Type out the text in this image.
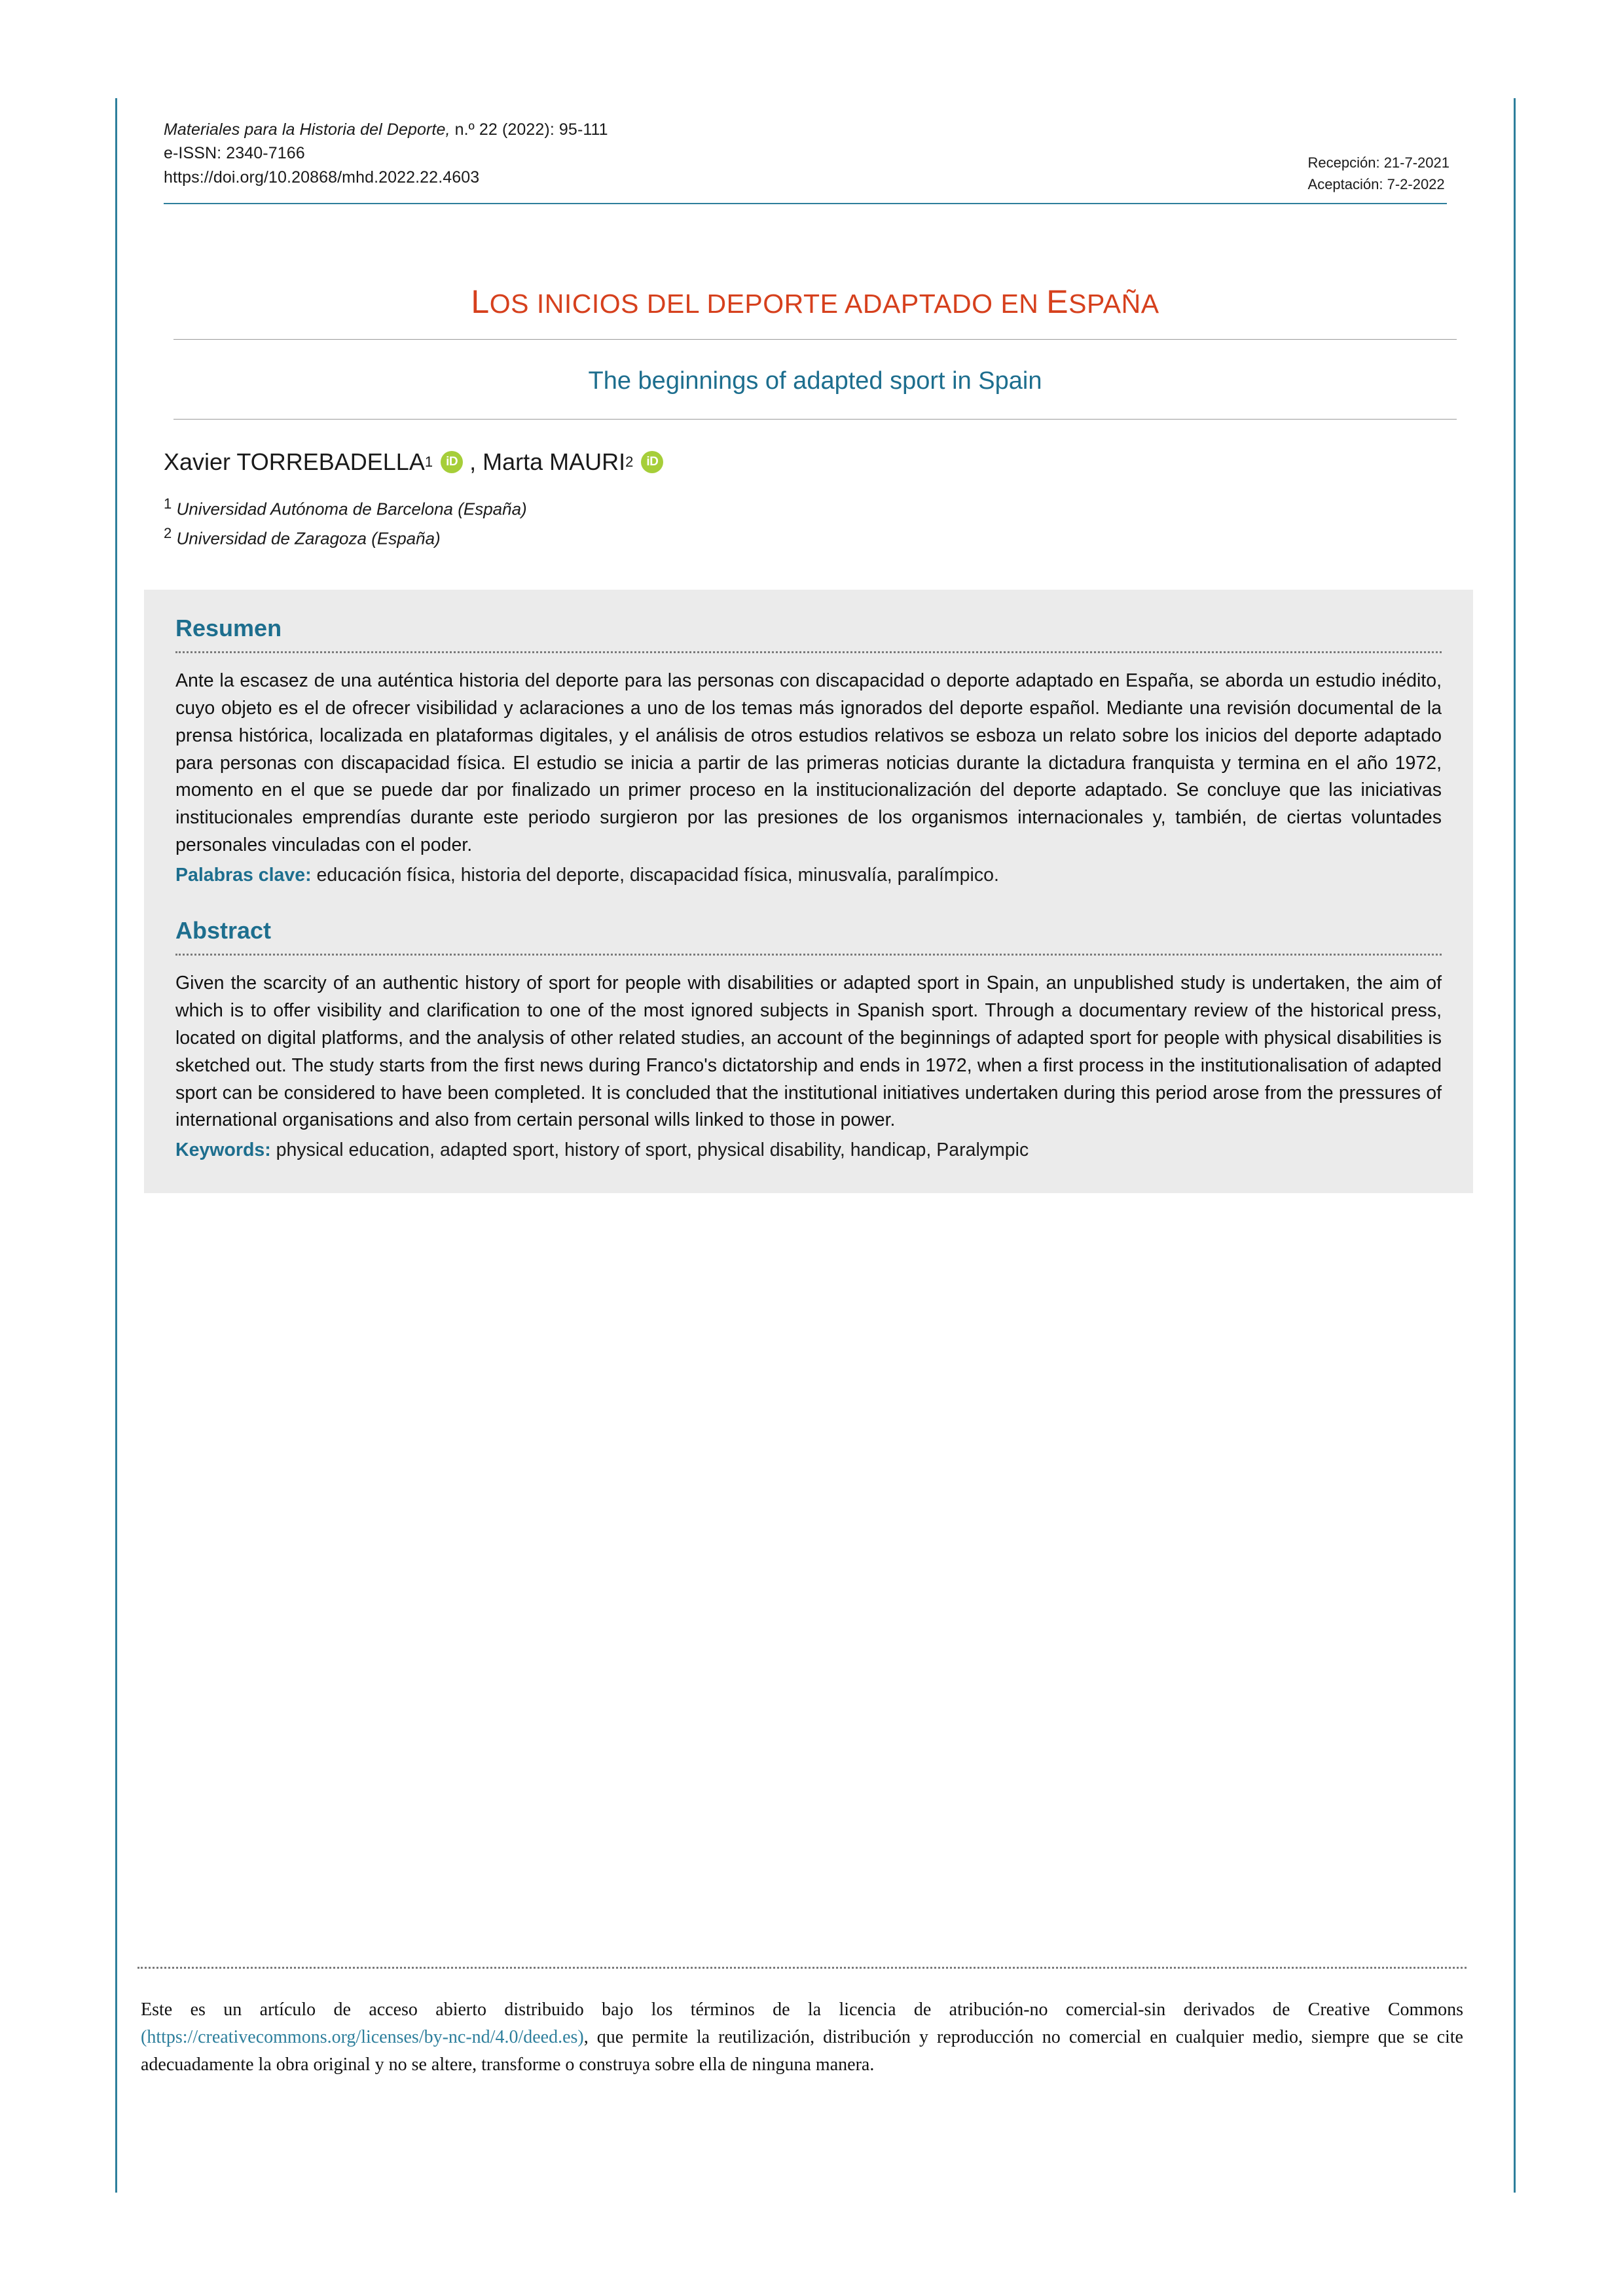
Materiales para la Historia del Deporte, n.º 22 (2022): 95-111
e-ISSN: 2340-7166
https://doi.org/10.20868/mhd.2022.22.4603
Recepción: 21-7-2021
Aceptación: 7-2-2022
LOS INICIOS DEL DEPORTE ADAPTADO EN ESPAÑA
The beginnings of adapted sport in Spain
Xavier TORREBADELLA 1	iD , Marta MAURI 2	iD
$^1$ Universidad Autónoma de Barcelona (España)
$^2$ Universidad de Zaragoza (España)
Resumen
Ante la escasez de una auténtica historia del deporte para las personas con discapacidad o deporte adaptado en España, se aborda un estudio inédito, cuyo objeto es el de ofrecer visibilidad y aclaraciones a uno de los temas más ignorados del deporte español. Mediante una revisión documental de la prensa histórica, localizada en plataformas digitales, y el análisis de otros estudios relativos se esboza un relato sobre los inicios del deporte adaptado para personas con discapacidad física. El estudio se inicia a partir de las primeras noticias durante la dictadura franquista y termina en el año 1972, momento en el que se puede dar por finalizado un primer proceso en la institucionalización del deporte adaptado. Se concluye que las iniciativas institucionales emprendías durante este periodo surgieron por las presiones de los organismos internacionales y, también, de ciertas voluntades personales vinculadas con el poder.
Palabras clave: educación física, historia del deporte, discapacidad física, minusvalía, paralímpico.
Abstract
Given the scarcity of an authentic history of sport for people with disabilities or adapted sport in Spain, an unpublished study is undertaken, the aim of which is to offer visibility and clarification to one of the most ignored subjects in Spanish sport. Through a documentary review of the historical press, located on digital platforms, and the analysis of other related studies, an account of the beginnings of adapted sport for people with physical disabilities is sketched out. The study starts from the first news during Franco's dictatorship and ends in 1972, when a first process in the institutionalisation of adapted sport can be considered to have been completed. It is concluded that the institutional initiatives undertaken during this period arose from the pressures of international organisations and also from certain personal wills linked to those in power.
Keywords: physical education, adapted sport, history of sport, physical disability, handicap, Paralympic
Este es un artículo de acceso abierto distribuido bajo los términos de la licencia de atribución-no comercial-sin derivados de Creative Commons (https://creativecommons.org/licenses/by-nc-nd/4.0/deed.es), que permite la reutilización, distribución y reproducción no comercial en cualquier medio, siempre que se cite adecuadamente la obra original y no se altere, transforme o construya sobre ella de ninguna manera.
